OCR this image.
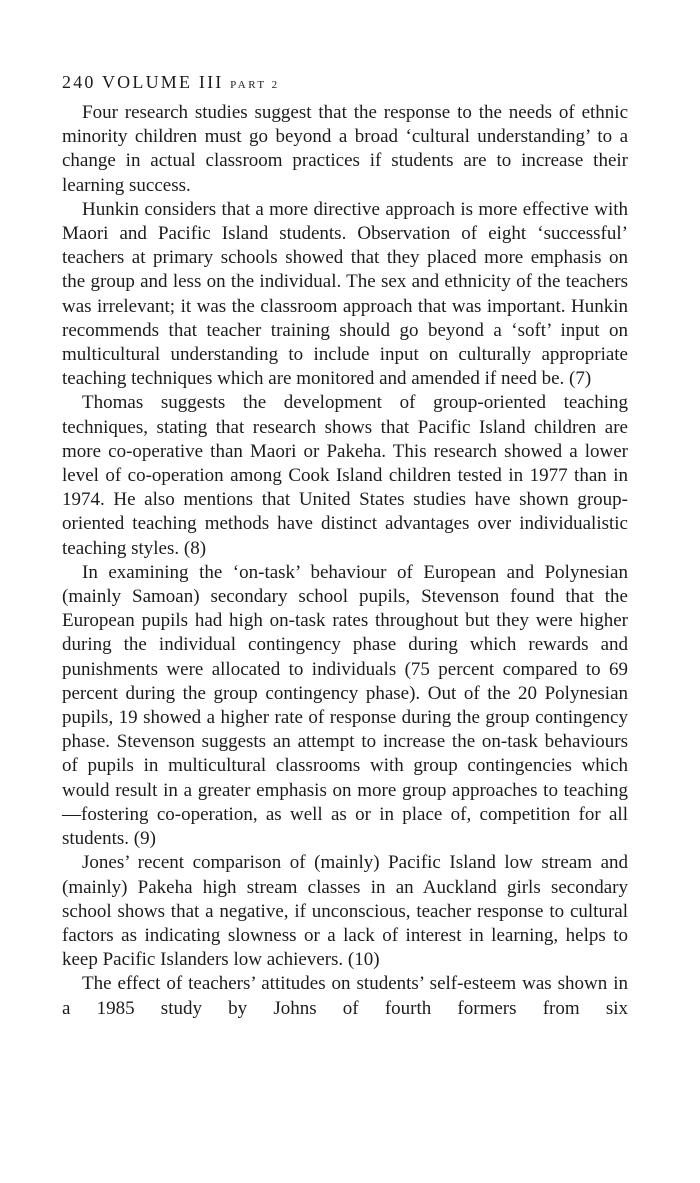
240 VOLUME III PART 2

Four research studies suggest that the response to the needs of ethnic minority children must go beyond a broad ‘cultural understanding’ to a change in actual classroom practices if students are to increase their learning success.

Hunkin considers that a more directive approach is more effective with Maori and Pacific Island students. Observation of eight ‘successful’ teachers at primary schools showed that they placed more emphasis on the group and less on the individual. The sex and ethnicity of the teachers was irrelevant; it was the classroom approach that was important. Hunkin recommends that teacher training should go beyond a ‘soft’ input on multicultural understanding to include input on culturally appropriate teaching techniques which are monitored and amended if need be. (7)

Thomas suggests the development of group-oriented teaching techniques, stating that research shows that Pacific Island children are more co-operative than Maori or Pakeha. This research showed a lower level of co-operation among Cook Island children tested in 1977 than in 1974. He also mentions that United States studies have shown group-oriented teaching methods have distinct advantages over individualistic teaching styles. (8)

In examining the ‘on-task’ behaviour of European and Polynesian (mainly Samoan) secondary school pupils, Stevenson found that the European pupils had high on-task rates throughout but they were higher during the individual contingency phase during which rewards and punishments were allocated to individuals (75 percent compared to 69 percent during the group contingency phase). Out of the 20 Polynesian pupils, 19 showed a higher rate of response during the group contingency phase. Stevenson suggests an attempt to increase the on-task behaviours of pupils in multicultural classrooms with group contingencies which would result in a greater emphasis on more group approaches to teaching—fostering co-operation, as well as or in place of, competition for all students. (9)

Jones’ recent comparison of (mainly) Pacific Island low stream and (mainly) Pakeha high stream classes in an Auckland girls secondary school shows that a negative, if unconscious, teacher response to cultural factors as indicating slowness or a lack of interest in learning, helps to keep Pacific Islanders low achievers. (10)

The effect of teachers’ attitudes on students’ self-esteem was shown in a 1985 study by Johns of fourth formers from six
